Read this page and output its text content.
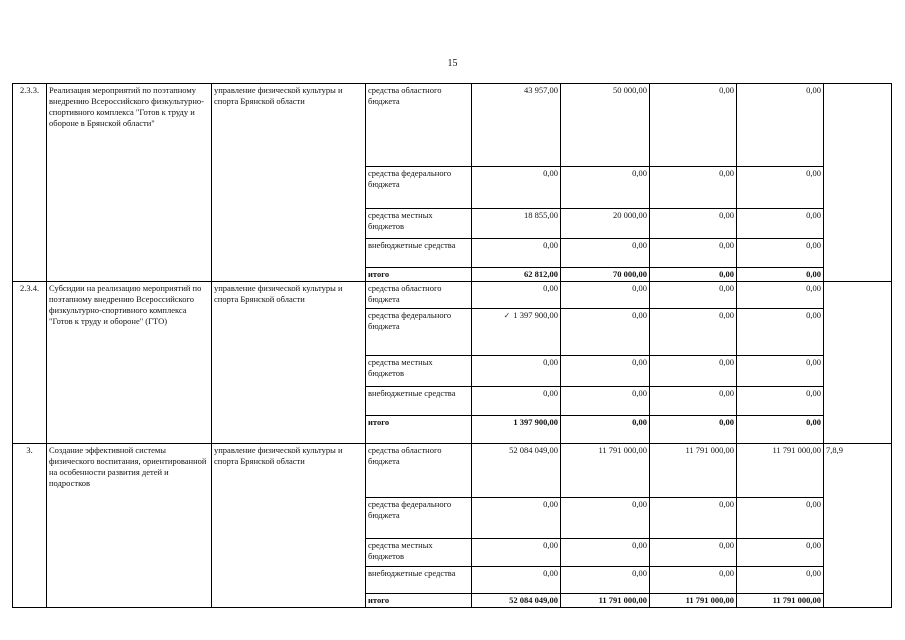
15
2.3.3.	Реализация мероприятий по поэтапному внедрению Всероссийского физкультурно-спортивного комплекса "Готов к труду и обороне в Брянской области"	управление физической культуры и спорта Брянской области	средства областного бюджета	43 957,00	50 000,00	0,00	0,00	
			средства федерального бюджета	0,00	0,00	0,00	0,00	
			средства местных бюджетов	18 855,00	20 000,00	0,00	0,00	
			внебюджетные средства	0,00	0,00	0,00	0,00	
			итого	62 812,00	70 000,00	0,00	0,00	
2.3.4.	Субсидии на реализацию мероприятий по поэтапному внедрению Всероссийского физкультурно-спортивного комплекса "Готов к труду и обороне" (ГТО)	управление физической культуры и спорта Брянской области	средства областного бюджета	0,00	0,00	0,00	0,00	
			средства федерального бюджета	✓ 1 397 900,00	0,00	0,00	0,00	
			средства местных бюджетов	0,00	0,00	0,00	0,00	
			внебюджетные средства	0,00	0,00	0,00	0,00	
			итого	1 397 900,00	0,00	0,00	0,00	
3.	Создание эффективной системы физического воспитания, ориентированной на особенности развития детей и подростков	управление физической культуры и спорта Брянской области	средства областного бюджета	52 084 049,00	11 791 000,00	11 791 000,00	11 791 000,00	7,8,9
			средства федерального бюджета	0,00	0,00	0,00	0,00	
			средства местных бюджетов	0,00	0,00	0,00	0,00	
			внебюджетные средства	0,00	0,00	0,00	0,00	
			итого	52 084 049,00	11 791 000,00	11 791 000,00	11 791 000,00	
